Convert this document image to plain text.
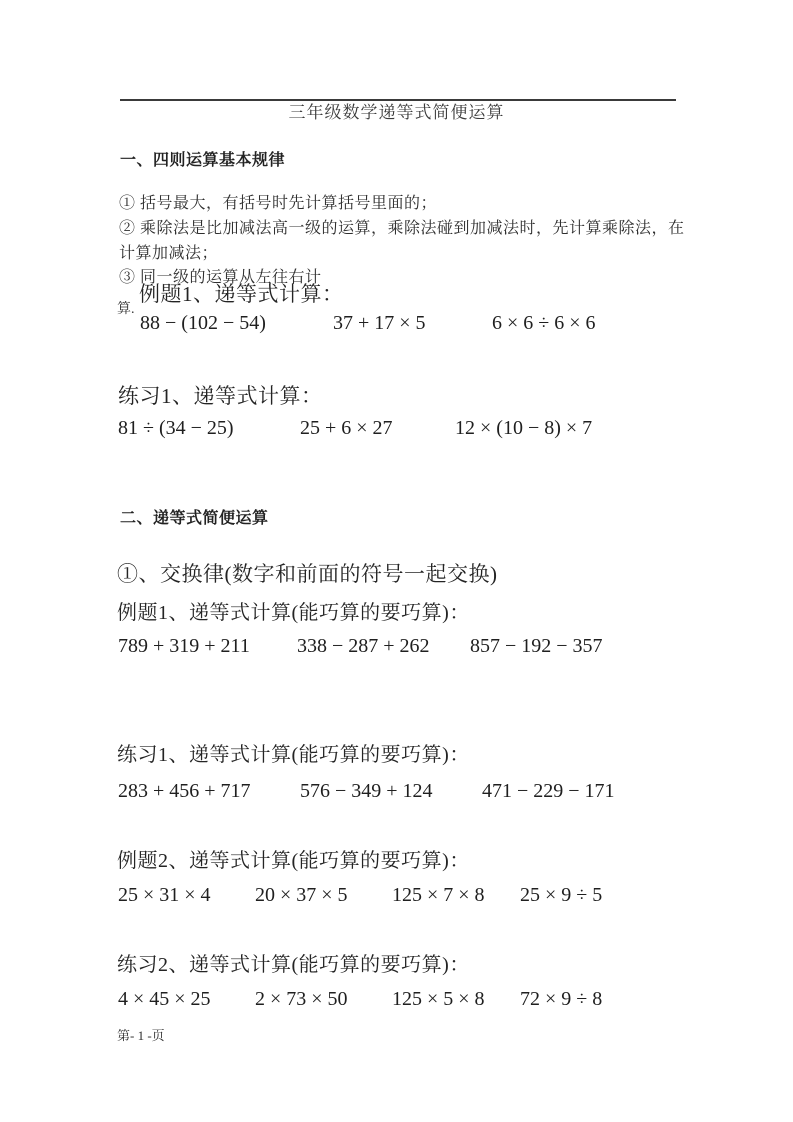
三年级数学递等式简便运算
一、四则运算基本规律
① 括号最大，有括号时先计算括号里面的；
② 乘除法是比加减法高一级的运算，乘除法碰到加减法时，先计算乘除法，在
计算加减法；
③ 同一级的运算从左往右计
例题1、递等式计算：
算.
88 − (102 − 54)	37 + 17 × 5	6 × 6 ÷ 6 × 6
练习1、递等式计算：
81 ÷ (34 − 25)	25 + 6 × 27	12 × (10 − 8) × 7
二、递等式简便运算
①、交换律(数字和前面的符号一起交换)
例题1、递等式计算(能巧算的要巧算)：
789 + 319 + 211 338 − 287 + 262 857 − 192 − 357
练习1、递等式计算(能巧算的要巧算)：
283 + 456 + 717 576 − 349 + 124 471 − 229 − 171
例题2、递等式计算(能巧算的要巧算)：
25 × 31 × 4 20 × 37 × 5 125 × 7 × 8 25 × 9 ÷ 5
练习2、递等式计算(能巧算的要巧算)：
4 × 45 × 25 2 × 73 × 50 125 × 5 × 8 72 × 9 ÷ 8
第- 1 -页
